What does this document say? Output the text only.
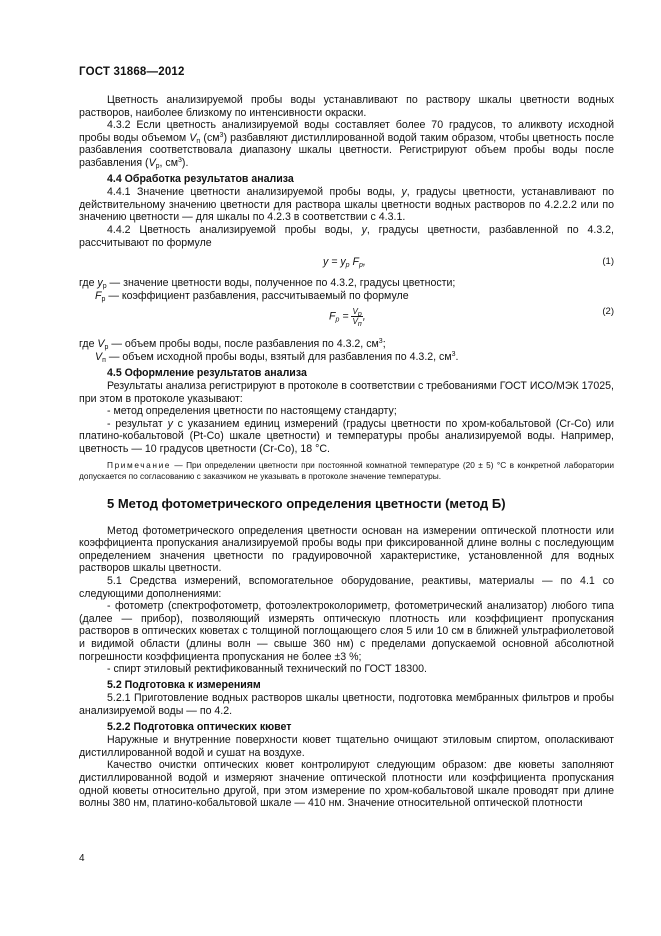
ГОСТ 31868—2012

Цветность анализируемой пробы воды устанавливают по раствору шкалы цветности водных растворов, наиболее близкому по интенсивности окраски.

4.3.2 Если цветность анализируемой воды составляет более 70 градусов, то аликвоту исходной пробы воды объемом $V_п$ $(см^3)$ разбавляют дистиллированной водой таким образом, чтобы цветность после разбавления соответствовала диапазону шкалы цветности. Регистрируют объем пробы воды после разбавления ($V_р$, $см^3$).

4.4 Обработка результатов анализа

4.4.1 Значение цветности анализируемой пробы воды, y, градусы цветности, устанавливают по действительному значению цветности для раствора шкалы цветности водных растворов по 4.2.2.2 или по значению цветности — для шкалы по 4.2.3 в соответствии с 4.3.1.

4.4.2 Цветность анализируемой пробы воды, y, градусы цветности, разбавленной по 4.3.2, рассчитывают по формуле

$y = y_р$ $F_р$,	(1)

где $y_р$ — значение цветности воды, полученное по 4.3.2, градусы цветности;

$F_р$ — коэффициент разбавления, рассчитываемый по формуле

$F_р = \frac{V_р}{V_п}$ ,	(2)

где $V_р$ — объем пробы воды, после разбавления по 4.3.2, $см^3$;

$V_п$ — объем исходной пробы воды, взятый для разбавления по 4.3.2, $см^3$.

4.5 Оформление результатов анализа

Результаты анализа регистрируют в протоколе в соответствии с требованиями ГОСТ ИСО/МЭК 17025, при этом в протоколе указывают:

- метод определения цветности по настоящему стандарту;

- результат y с указанием единиц измерений (градусы цветности по хром-кобальтовой (Cr-Co) или платино-кобальтовой (Pt-Co) шкале цветности) и температуры пробы анализируемой воды. Например, цветность — 10 градусов цветности (Cr-Co), 18 °С.

Примечание — При определении цветности при постоянной комнатной температуре (20 ± 5) °С в конкретной лаборатории допускается по согласованию с заказчиком не указывать в протоколе значение температуры.

5 Метод фотометрического определения цветности (метод Б)

Метод фотометрического определения цветности основан на измерении оптической плотности или коэффициента пропускания анализируемой пробы воды при фиксированной длине волны с последующим определением значения цветности по градуировочной характеристике, установленной для водных растворов шкалы цветности.

5.1 Средства измерений, вспомогательное оборудование, реактивы, материалы — по 4.1 со следующими дополнениями:

- фотометр (спектрофотометр, фотоэлектроколориметр, фотометрический анализатор) любого типа (далее — прибор), позволяющий измерять оптическую плотность или коэффициент пропускания растворов в оптических кюветах с толщиной поглощающего слоя 5 или 10 см в ближней ультрафиолетовой и видимой области (длины волн — свыше 360 нм) с пределами допускаемой основной абсолютной погрешности коэффициента пропускания не более ±3 %;

- спирт этиловый ректификованный технический по ГОСТ 18300.

5.2 Подготовка к измерениям

5.2.1 Приготовление водных растворов шкалы цветности, подготовка мембранных фильтров и пробы анализируемой воды — по 4.2.

5.2.2 Подготовка оптических кювет

Наружные и внутренние поверхности кювет тщательно очищают этиловым спиртом, ополаскивают дистиллированной водой и сушат на воздухе.

Качество очистки оптических кювет контролируют следующим образом: две кюветы заполняют дистиллированной водой и измеряют значение оптической плотности или коэффициента пропускания одной кюветы относительно другой, при этом измерение по хром-кобальтовой шкале проводят при длине волны 380 нм, платино-кобальтовой шкале — 410 нм. Значение относительной оптической плотности

4
